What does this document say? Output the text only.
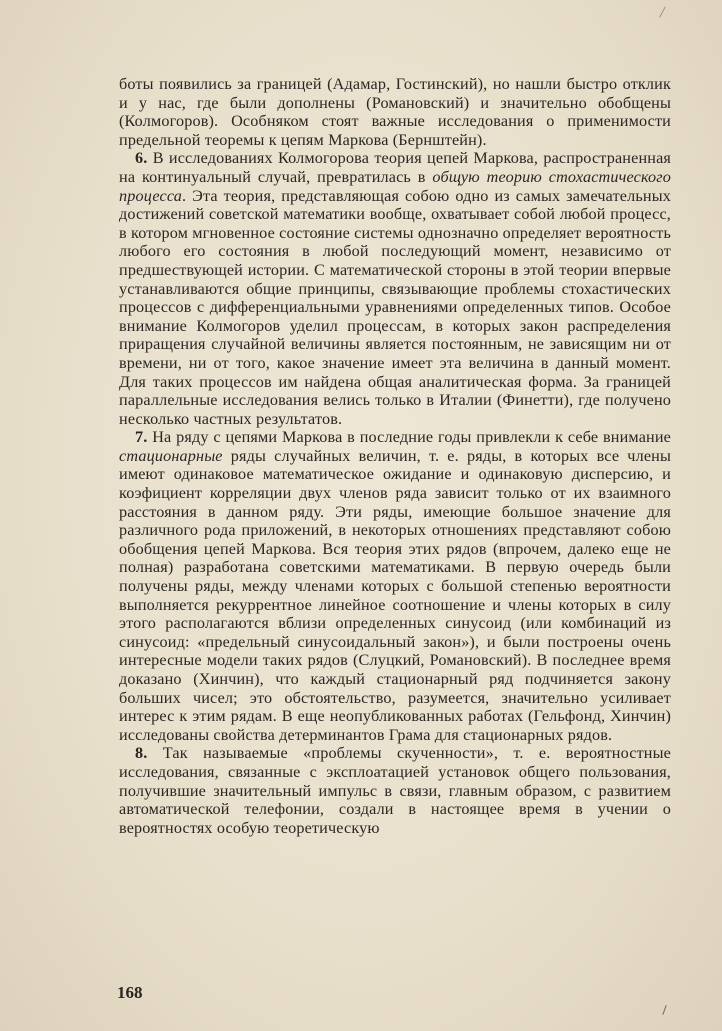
боты появились за границей (Адамар, Гостинский), но нашли быстро отклик и у нас, где были дополнены (Романовский) и значительно обобщены (Колмогоров). Особняком стоят важные исследования о применимости предельной теоремы к цепям Маркова (Бернштейн).

6. В исследованиях Колмогорова теория цепей Маркова, распространенная на континуальный случай, превратилась в общую теорию стохастического процесса. Эта теория, представляющая собою одно из самых замечательных достижений советской математики вообще, охватывает собой любой процесс, в котором мгновенное состояние системы однозначно определяет вероятность любого его состояния в любой последующий момент, независимо от предшествующей истории. С математической стороны в этой теории впервые устанавливаются общие принципы, связывающие проблемы стохастических процессов с дифференциальными уравнениями определенных типов. Особое внимание Колмогоров уделил процессам, в которых закон распределения приращения случайной величины является постоянным, не зависящим ни от времени, ни от того, какое значение имеет эта величина в данный момент. Для таких процессов им найдена общая аналитическая форма. За границей параллельные исследования велись только в Италии (Финетти), где получено несколько частных результатов.

7. На ряду с цепями Маркова в последние годы привлекли к себе внимание стационарные ряды случайных величин, т. е. ряды, в которых все члены имеют одинаковое математическое ожидание и одинаковую дисперсию, и коэфициент корреляции двух членов ряда зависит только от их взаимного расстояния в данном ряду. Эти ряды, имеющие большое значение для различного рода приложений, в некоторых отношениях представляют собою обобщения цепей Маркова. Вся теория этих рядов (впрочем, далеко еще не полная) разработана советскими математиками. В первую очередь были получены ряды, между членами которых с большой степенью вероятности выполняется рекуррентное линейное соотношение и члены которых в силу этого располагаются вблизи определенных синусоид (или комбинаций из синусоид: «предельный синусоидальный закон»), и были построены очень интересные модели таких рядов (Слуцкий, Романовский). В последнее время доказано (Хинчин), что каждый стационарный ряд подчиняется закону больших чисел; это обстоятельство, разумеется, значительно усиливает интерес к этим рядам. В еще неопубликованных работах (Гельфонд, Хинчин) исследованы свойства детерминантов Грама для стационарных рядов.

8. Так называемые «проблемы скученности», т. е. вероятностные исследования, связанные с эксплоатацией установок общего пользования, получившие значительный импульс в связи, главным образом, с развитием автоматической телефонии, создали в настоящее время в учении о вероятностях особую теоретическую

168
